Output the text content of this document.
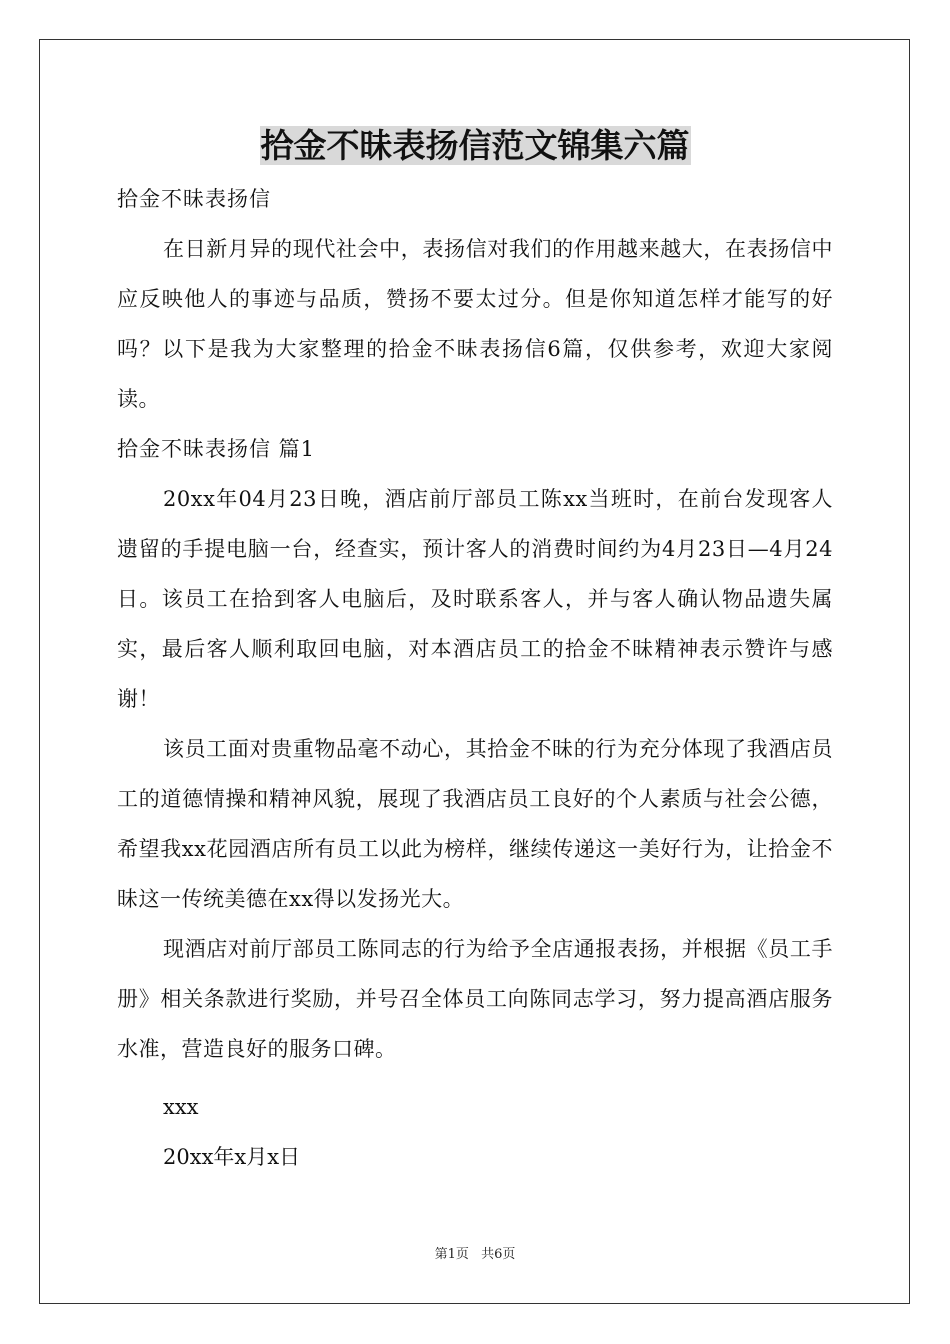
拾金不昧表扬信范文锦集六篇

拾金不昧表扬信

在日新月异的现代社会中，表扬信对我们的作用越来越大，在表扬信中应反映他人的事迹与品质，赞扬不要太过分。但是你知道怎样才能写的好吗？以下是我为大家整理的拾金不昧表扬信6篇，仅供参考，欢迎大家阅读。

拾金不昧表扬信 篇1

20xx年04月23日晚，酒店前厅部员工陈xx当班时，在前台发现客人遗留的手提电脑一台，经查实，预计客人的消费时间约为4月23日—4月24日。该员工在拾到客人电脑后，及时联系客人，并与客人确认物品遗失属实，最后客人顺利取回电脑，对本酒店员工的拾金不昧精神表示赞许与感谢！

该员工面对贵重物品毫不动心，其拾金不昧的行为充分体现了我酒店员工的道德情操和精神风貌，展现了我酒店员工良好的个人素质与社会公德，希望我xx花园酒店所有员工以此为榜样，继续传递这一美好行为，让拾金不昧这一传统美德在xx得以发扬光大。

现酒店对前厅部员工陈同志的行为给予全店通报表扬，并根据《员工手册》相关条款进行奖励，并号召全体员工向陈同志学习，努力提高酒店服务水准，营造良好的服务口碑。

xxx

20xx年x月x日

第1页 共6页
